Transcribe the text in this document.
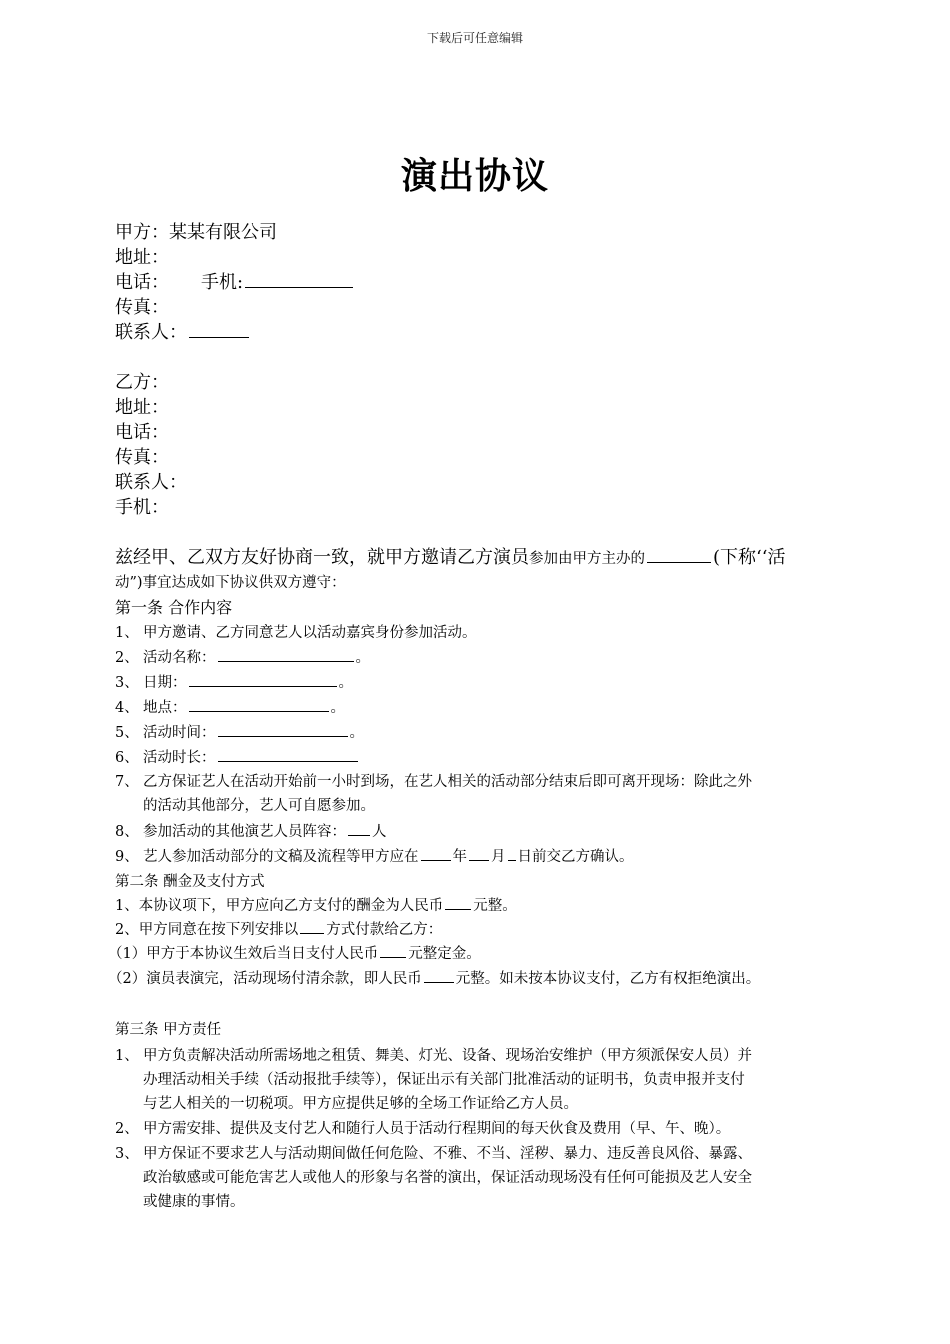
下载后可任意编辑
演出协议
甲方：某某有限公司
地址：
电话： 手机:
传真：
联系人：
乙方：
地址：
电话：
传真：
联系人：
手机：
兹经甲、乙双方友好协商一致，就甲方邀请乙方演员参加由甲方主办的	(下称‘‘活
动”)事宜达成如下协议供双方遵守：
第一条 合作内容
1、 甲方邀请、乙方同意艺人以活动嘉宾身份参加活动。
2、 活动名称：	。
3、 日期：	。
4、 地点：	。
5、 活动时间：	。
6、 活动时长：
7、 乙方保证艺人在活动开始前一小时到场，在艺人相关的活动部分结束后即可离开现场：除此之外
的活动其他部分，艺人可自愿参加。
8、 参加活动的其他演艺人员阵容： 人
9、 艺人参加活动部分的文稿及流程等甲方应在 年 月 日前交乙方确认。
第二条 酬金及支付方式
1、本协议项下，甲方应向乙方支付的酬金为人民币 元整。
2、甲方同意在按下列安排以 方式付款给乙方：
（1）甲方于本协议生效后当日支付人民币 元整定金。
（2）演员表演完，活动现场付清余款，即人民币 元整。如未按本协议支付，乙方有权拒绝演出。
第三条 甲方责任
1、 甲方负责解决活动所需场地之租赁、舞美、灯光、设备、现场治安维护（甲方须派保安人员）并
办理活动相关手续（活动报批手续等），保证出示有关部门批准活动的证明书，负责申报并支付
与艺人相关的一切税项。甲方应提供足够的全场工作证给乙方人员。
2、 甲方需安排、提供及支付艺人和随行人员于活动行程期间的每天伙食及费用（早、午、晚）。
3、 甲方保证不要求艺人与活动期间做任何危险、不雅、不当、淫秽、暴力、违反善良风俗、暴露、
政治敏感或可能危害艺人或他人的形象与名誉的演出，保证活动现场没有任何可能损及艺人安全
或健康的事情。
